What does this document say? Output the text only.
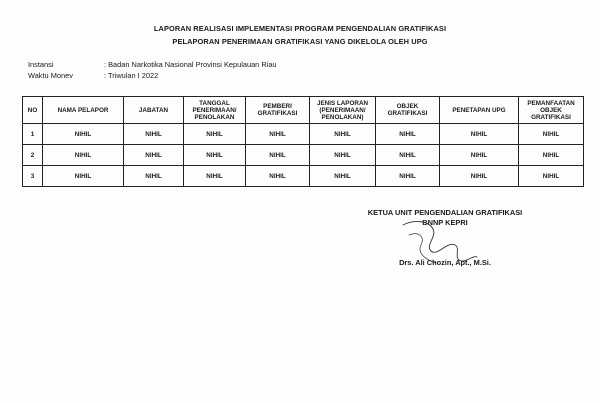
LAPORAN REALISASI IMPLEMENTASI PROGRAM PENGENDALIAN GRATIFIKASI
PELAPORAN PENERIMAAN GRATIFIKASI YANG DIKELOLA OLEH UPG
Instansi	: Badan Narkotika Nasional Provinsi Kepulauan Riau
Waktu Monev	: Triwulan I 2022
NO	NAMA PELAPOR	JABATAN	TANGGAL PENERIMAAN/ PENOLAKAN	PEMBERI GRATIFIKASI	JENIS LAPORAN (PENERIMAAN/ PENOLAKAN)	OBJEK GRATIFIKASI	PENETAPAN UPG	PEMANFAATAN OBJEK GRATIFIKASI
1	NIHIL	NIHIL	NIHIL	NIHIL	NIHIL	NIHIL	NIHIL	NIHIL
2	NIHIL	NIHIL	NIHIL	NIHIL	NIHIL	NIHIL	NIHIL	NIHIL
3	NIHIL	NIHIL	NIHIL	NIHIL	NIHIL	NIHIL	NIHIL	NIHIL
KETUA UNIT PENGENDALIAN GRATIFIKASI
BNNP KEPRI
Drs. Ali Chozin, Apt., M.Si.
